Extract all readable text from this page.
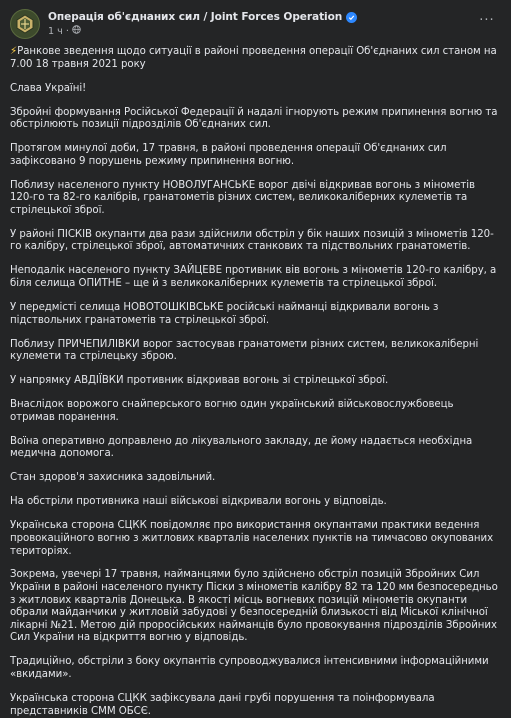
Операція об'єднаних сил / Joint Forces Operation
1 ч ·
···

⚡Ранкове зведення щодо ситуації в районі проведення операції Об'єднаних сил станом на 7.00 18 травня 2021 року

Слава Україні!

Збройні формування Російської Федерації й надалі ігнорують режим припинення вогню та обстрілюють позиції підрозділів Об'єднаних сил.

Протягом минулої доби, 17 травня, в районі проведення операції Об'єднаних сил зафіксовано 9 порушень режиму припинення вогню.

Поблизу населеного пункту НОВОЛУГАНСЬКЕ ворог двічі відкривав вогонь з мінометів 120-го та 82-го калібрів, гранатометів різних систем, великокаліберних кулеметів та стрілецької зброї.

У районі ПІСКІВ окупанти два рази здійснили обстріл у бік наших позицій з мінометів 120-го калібру, стрілецької зброї, автоматичних станкових та підствольних гранатометів.

Неподалік населеного пункту ЗАЙЦЕВЕ противник вів вогонь з мінометів 120-го калібру, а біля селища ОПИТНЕ – ще й з великокаліберних кулеметів та стрілецької зброї.

У передмісті селища НОВОТОШКІВСЬКЕ російські найманці відкривали вогонь з підствольних гранатометів та стрілецької зброї.

Поблизу ПРИЧЕПИЛІВКИ ворог застосував гранатомети різних систем, великокаліберні кулемети та стрілецьку зброю.

У напрямку АВДІЇВКИ противник відкривав вогонь зі стрілецької зброї.

Внаслідок ворожого снайперського вогню один український військовослужбовець отримав поранення.

Воїна оперативно доправлено до лікувального закладу, де йому надається необхідна медична допомога.

Стан здоров'я захисника задовільний.

На обстріли противника наші військові відкривали вогонь у відповідь.

Українська сторона СЦКК повідомляє про використання окупантами практики ведення провокаційного вогню з житлових кварталів населених пунктів на тимчасово окупованих територіях.

Зокрема, увечері 17 травня, найманцями було здійснено обстріл позицій Збройних Сил України в районі населеного пункту Піски з мінометів калібру 82 та 120 мм безпосередньо з житлових кварталів Донецька. В якості місць вогневих позицій мінометів окупанти обрали майданчики у житловій забудові у безпосередній близькості від Міської клінічної лікарні №21. Метою дій проросійських найманців було провокування підрозділів Збройних Сил України на відкриття вогню у відповідь.

Традиційно, обстріли з боку окупантів супроводжувалися інтенсивними інформаційними «вкидами».

Українська сторона СЦКК зафіксувала дані грубі порушення та поінформувала представників СММ ОБСЄ.
